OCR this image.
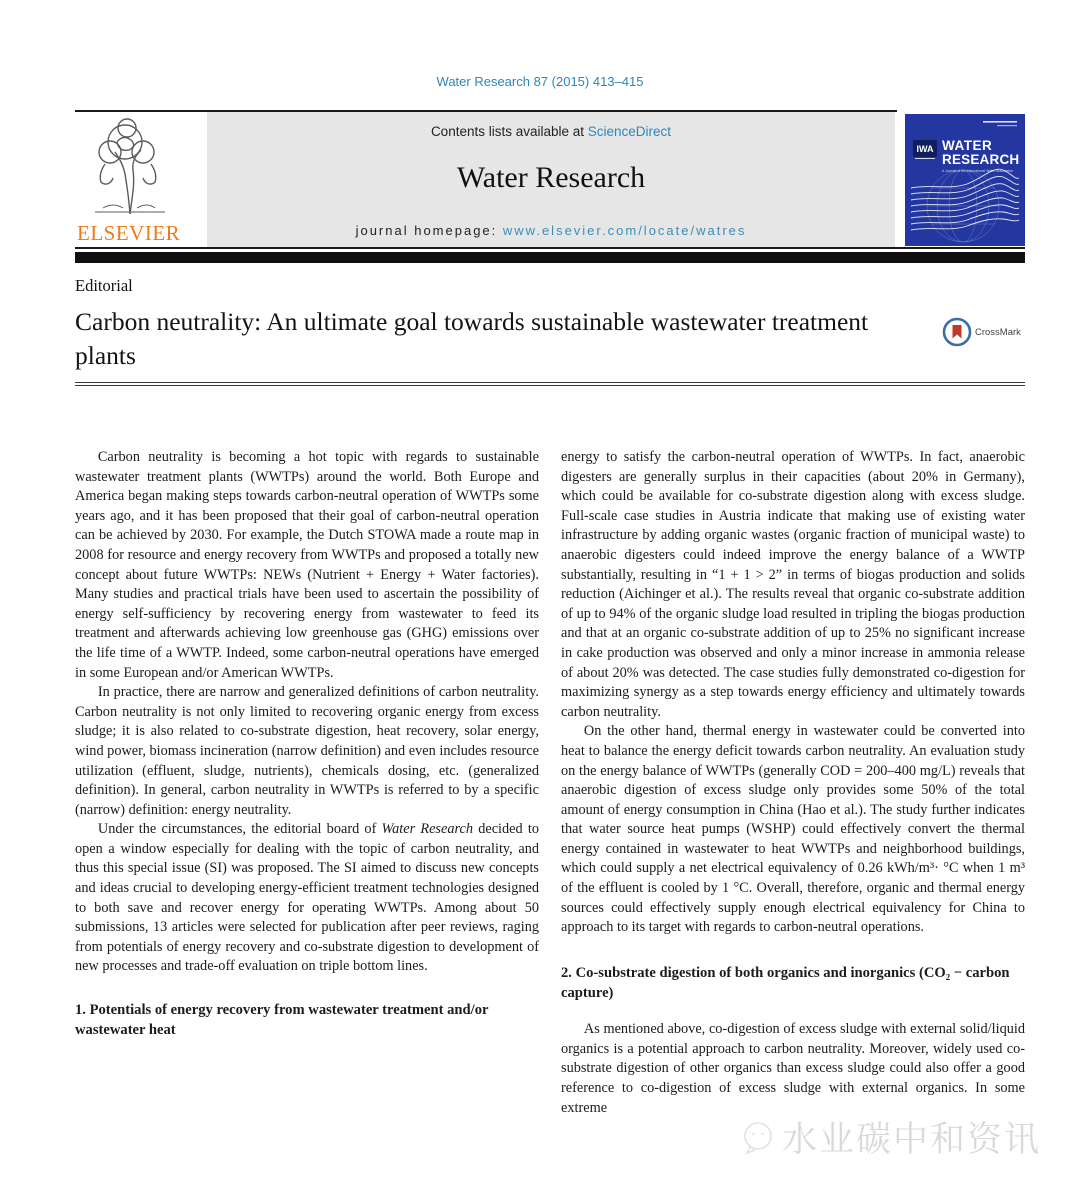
Water Research 87 (2015) 413–415
ELSEVIER
Contents lists available at ScienceDirect
Water Research
journal homepage: www.elsevier.com/locate/watres
IWA WATER
RESEARCH
A Journal of the International Water Association
Editorial
Carbon neutrality: An ultimate goal towards sustainable wastewater treatment plants
CrossMark

Carbon neutrality is becoming a hot topic with regards to sustainable wastewater treatment plants (WWTPs) around the world. Both Europe and America began making steps towards carbon-neutral operation of WWTPs some years ago, and it has been proposed that their goal of carbon-neutral operation can be achieved by 2030. For example, the Dutch STOWA made a route map in 2008 for resource and energy recovery from WWTPs and proposed a totally new concept about future WWTPs: NEWs (Nutrient + Energy + Water factories). Many studies and practical trials have been used to ascertain the possibility of energy self-sufficiency by recovering energy from wastewater to feed its treatment and afterwards achieving low greenhouse gas (GHG) emissions over the life time of a WWTP. Indeed, some carbon-neutral operations have emerged in some European and/or American WWTPs.

In practice, there are narrow and generalized definitions of carbon neutrality. Carbon neutrality is not only limited to recovering organic energy from excess sludge; it is also related to co-substrate digestion, heat recovery, solar energy, wind power, biomass incineration (narrow definition) and even includes resource utilization (effluent, sludge, nutrients), chemicals dosing, etc. (generalized definition). In general, carbon neutrality in WWTPs is referred to by a specific (narrow) definition: energy neutrality.

Under the circumstances, the editorial board of Water Research decided to open a window especially for dealing with the topic of carbon neutrality, and thus this special issue (SI) was proposed. The SI aimed to discuss new concepts and ideas crucial to developing energy-efficient treatment technologies designed to both save and recover energy for operating WWTPs. Among about 50 submissions, 13 articles were selected for publication after peer reviews, raging from potentials of energy recovery and co-substrate digestion to development of new processes and trade-off evaluation on triple bottom lines.

1. Potentials of energy recovery from wastewater treatment and/or wastewater heat

energy to satisfy the carbon-neutral operation of WWTPs. In fact, anaerobic digesters are generally surplus in their capacities (about 20% in Germany), which could be available for co-substrate digestion along with excess sludge. Full-scale case studies in Austria indicate that making use of existing water infrastructure by adding organic wastes (organic fraction of municipal waste) to anaerobic digesters could indeed improve the energy balance of a WWTP substantially, resulting in “1 + 1 > 2” in terms of biogas production and solids reduction (Aichinger et al.). The results reveal that organic co-substrate addition of up to 94% of the organic sludge load resulted in tripling the biogas production and that at an organic co-substrate addition of up to 25% no significant increase in cake production was observed and only a minor increase in ammonia release of about 20% was detected. The case studies fully demonstrated co-digestion for maximizing synergy as a step towards energy efficiency and ultimately towards carbon neutrality.

On the other hand, thermal energy in wastewater could be converted into heat to balance the energy deficit towards carbon neutrality. An evaluation study on the energy balance of WWTPs (generally COD = 200–400 mg/L) reveals that anaerobic digestion of excess sludge only provides some 50% of the total amount of energy consumption in China (Hao et al.). The study further indicates that water source heat pumps (WSHP) could effectively convert the thermal energy contained in wastewater to heat WWTPs and neighborhood buildings, which could supply a net electrical equivalency of 0.26 kWh/m³· °C when 1 m³ of the effluent is cooled by 1 °C. Overall, therefore, organic and thermal energy sources could effectively supply enough electrical equivalency for China to approach to its target with regards to carbon-neutral operations.

2. Co-substrate digestion of both organics and inorganics (CO₂ − carbon capture)

As mentioned above, co-digestion of excess sludge with external solid/liquid organics is a potential approach to carbon neutrality. Moreover, widely used co-substrate digestion of other organics than excess sludge could also offer a good reference to co-digestion of excess sludge with external organics. In some extreme

水业碳中和资讯
